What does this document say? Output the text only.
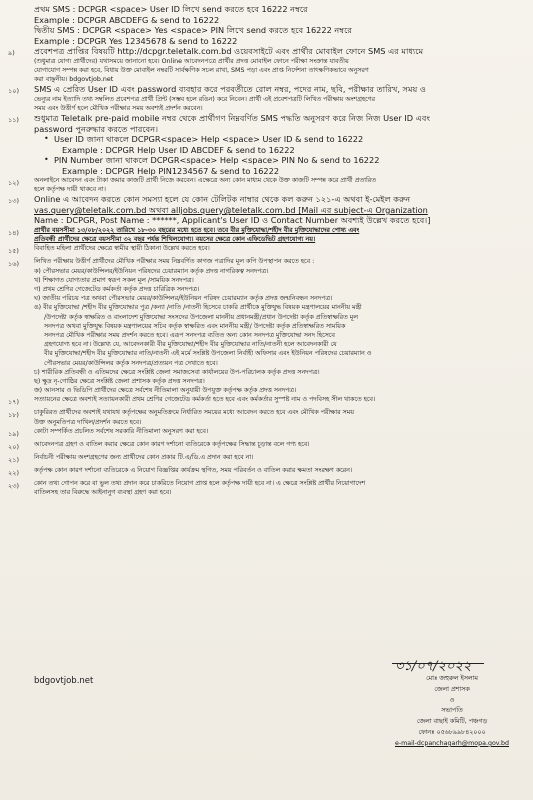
প্রথম SMS : DCPGR <space> User ID লিখে send করতে হবে 16222 নম্বরে

Example : DCPGR ABCDEFG & send to 16222

দ্বিতীয় SMS : DCPGR <space> Yes <space> PIN লিখে send করতে হবে 16222 নম্বরে

Example : DCPGR Yes 12345678 & send to 16222

৯)	প্রবেশপত্র প্রাপ্তির বিষয়টি http://dcpgr.teletalk.com.bd ওয়েবসাইটে এবং প্রার্থীর মোবাইল ফোনে SMS এর মাধ্যমে

(শুধুমাত্র যোগ্য প্রার্থীদের) যথাসময়ে জানানো হবে। Online আবেদনপত্রে প্রার্থীর প্রদত্ত মোবাইল ফোনে পরীক্ষা সংক্রান্ত যাবতীয়

যোগাযোগ সম্পন্ন করা হবে, বিধায় উক্ত মোবাইল নম্বরটি সার্বক্ষণিক সচল রাখা, SMS পড়া এবং প্রাপ্ত নির্দেশনা তাৎক্ষণিকভাবে অনুসরণ

করা বাঞ্ছনীয়। bdgovtjob.net

১০)	SMS এ প্রেরিত User ID এবং password ব্যবহার করে পরবর্তীতে রোল নম্বর, পদের নাম, ছবি, পরীক্ষার তারিখ, সময় ও

ভেন্যুর নাম ইত্যাদি তথ্য সম্বলিত প্রবেশপত্র প্রার্থী প্রিন্ট (সম্ভব হলে রঙিন) করে নিবেন। প্রার্থী এই প্রবেশপত্রটি লিখিত পরীক্ষায় অংশগ্রহণের

সময় এবং উত্তীর্ণ হলে মৌখিক পরীক্ষার সময় অবশ্যই প্রদর্শন করবেন।

১১)	শুধুমাত্র Teletalk pre-paid mobile নম্বর থেকে প্রার্থীগণ নিম্নবর্ণিত SMS পদ্ধতি অনুসরণ করে নিজ নিজ User ID এবং

password পুনরুদ্ধার করতে পারবেন।

• User ID জানা থাকলে DCPGR<space> Help <space> User ID & send to 16222

Example : DCPGR Help User ID ABCDEF & send to 16222

• PIN Number জানা থাকলে DCPGR<space> Help <space> PIN No & send to 16222

Example : DCPGR Help PIN1234567 & send to 16222

১২)	অনলাইনে আবেদন এবং টাকা জমার কাজটি প্রার্থী নিজে করবেন। এক্ষেত্রে অন্য কোন মাধ্যম থেকে উক্ত কাজটি সম্পন্ন করে প্রার্থী প্রতারিত

হলে কর্তৃপক্ষ দায়ী থাকবে না।

১৩)	Online এ আবেদন করতে কোন সমস্যা হলে যে কোন টেলিটক নাম্বার থেকে কল করুন ১২১-এ অথবা ই-মেইল করুন

vas.query@teletalk.com.bd অথবা alljobs.query@teletalk.com.bd [Mail এর subject-এ Organization

Name : DCPGR, Post Name : ******, Applicant's User ID ও Contact Number অবশ্যই উল্লেখ করতে হবে।]

১৪)	প্রার্থীর বয়সসীমা ১৩/০৮/২০২২ তারিখে ১৮-৩০ বছরের মধ্যে হতে হবে। তবে বীর মুক্তিযোদ্ধা/শহীদ বীর মুক্তিযোদ্ধাদের পোষ্য এবং

প্রতিবন্ধী প্রার্থীদের ক্ষেত্রে বয়সসীমা ৩২ বছর পর্যন্ত শিথিলযোগ্য। বয়সের ক্ষেত্রে কোন এফিডেভিট গ্রহণযোগ্য নয়।

১৫)	বিবাহিত মহিলা প্রার্থীদের ক্ষেত্রে স্বামীর স্থায়ী ঠিকানা উল্লেখ করতে হবে।

১৬)	লিখিত পরীক্ষায় উত্তীর্ণ প্রার্থীদের মৌখিক পরীক্ষার সময় নিম্নবর্ণিত কাগজ পত্রাদির মূল কপি উপস্থাপন করতে হবে :

ক) পৌরসভার মেয়র/কাউন্সিলর/ইউনিয়ন পরিষদের চেয়ারম্যান কর্তৃক প্রদত্ত নাগরিকত্ব সনদপত্র।

খ) শিক্ষাগত যোগ্যতার প্রমাণ স্বরূপ সকল মূল /সাময়িক সনদপত্র।

গ) প্রথম শ্রেণির গেজেটেড কর্মকর্তা কর্তৃক প্রদত্ত চারিত্রিক সনদপত্র।

ঘ) জাতীয় পরিচয় পত্র অথবা পৌরসভার মেয়র/কাউন্সিলর/ইউনিয়ন পরিষদ চেয়ারম্যান কর্তৃক প্রদত্ত জন্মনিবন্ধন সনদপত্র।

ঙ) বীর মুক্তিযোদ্ধা /শহীদ বীর মুক্তিযোদ্ধার পুত্র /কন্যা /নাতি /নাতনী হিসেবে চাকরি প্রার্থীকে মুক্তিযুদ্ধ বিষয়ক মন্ত্রণালয়ের মাননীয় মন্ত্রী

/উপদেষ্টা কর্তৃক স্বাক্ষরিত ও বাংলাদেশ মুক্তিযোদ্ধা সংসদের উপজেলা মাননীয় প্রধানমন্ত্রী/প্রধান উপদেষ্টা কর্তৃক প্রতিস্বাক্ষরিত মূল

সনদপত্র অথবা মুক্তিযুদ্ধ বিষয়ক মন্ত্রণালয়ের সচিব কর্তৃক স্বাক্ষরিত এবং মাননীয় মন্ত্রী/ উপদেষ্টা কর্তৃক প্রতিস্বাক্ষরিত সাময়িক

সনদপত্র মৌখিক পরীক্ষার সময় প্রদর্শন করতে হবে। এরূপ সনদপত্র ব্যতিত অন্য কোন সনদপত্র মুক্তিযোদ্ধা সনদ হিসেবে

গ্রহণযোগ্য হবে না। উল্লেখ্য যে, আবেদনকারী বীর মুক্তিযোদ্ধা/শহীদ বীর মুক্তিযোদ্ধার নাতি/নাতনী হলে আবেদনকারী যে

বীর মুক্তিযোদ্ধা/শহীদ বীর মুক্তিযোদ্ধার নাতি/নাতনী এই মর্মে সংশ্লিষ্ট উপজেলা নির্বাহী অফিসার এবং ইউনিয়ন পরিষদের চেয়ারম্যান ও

পৌরসভার মেয়র/কাউন্সিলর কর্তৃক সনদপত্র/প্রত্যয়ন পত্র দেখাতে হবে।

চ) শারীরিক প্রতিবন্ধী ও এতিমদের ক্ষেত্রে সংশ্লিষ্ট জেলা সমাজসেবা কার্যালয়ের উপ-পরিচালক কর্তৃক প্রদত্ত সনদপত্র।

ছ) ক্ষুদ্র নৃ-গোষ্ঠির ক্ষেত্রে সংশ্লিষ্ট জেলা প্রশাসক কর্তৃক প্রদত্ত সনদপত্র।

জ) আনসার ও ভিডিপি প্রার্থীদের ক্ষেত্রে সর্বশেষ নীতিমালা অনুযায়ী উপযুক্ত কর্তৃপক্ষ কর্তৃক প্রদত্ত সনদপত্র।

১৭)	সত্যায়নের ক্ষেত্রে অবশ্যই সত্যায়নকারী প্রথম শ্রেণির গেজেটেড কর্মকর্তা হতে হবে এবং কর্মকর্তার সুস্পষ্ট নাম ও পদবিসহ সীল থাকতে হবে।

১৮)	চাকুরিরত প্রার্থীদের অবশ্যই যথাযথ কর্তৃপক্ষের অনুমতিক্রমে নির্ধারিত সময়ের মধ্যে আবেদন করতে হবে এবং মৌখিক পরীক্ষার সময়

উক্ত অনুমতিপত্র দাখিল/প্রদর্শন করতে হবে।

১৯)	কোটা সম্পর্কিত প্রচলিত সর্বশেষ সরকারি নীতিমালা অনুসরণ করা হবে।

২০)	আবেদনপত্র গ্রহণ ও বাতিল করার ক্ষেত্রে কোন কারণ দর্শানো ব্যতিরেকে কর্তৃপক্ষের সিদ্ধান্ত চূড়ান্ত বলে গণ্য হবে।

২১)	নির্বাচনী পরীক্ষায় অংশগ্রহণের জন্য প্রার্থীদের কোন প্রকার টি.এ/ডি.এ প্রদান করা হবে না।

২২)	কর্তৃপক্ষ কোন কারণ দর্শানো ব্যতিরেকে এ নিয়োগ বিজ্ঞপ্তির কার্যক্রম স্থগিত, সময় পরিবর্তন ও বাতিল করার ক্ষমতা সংরক্ষণ করেন।

২৩)	কোন তথ্য গোপন করে বা ভুল তথ্য প্রদান করে চাকরিতে নিয়োগ প্রাপ্ত হলে কর্তৃপক্ষ দায়ী হবে না। এ ক্ষেত্রে সংশ্লিষ্ট প্রার্থীর নিয়োগাদেশ

বাতিলসহ তার বিরুদ্ধে আইনানুগ ব্যবস্থা গ্রহণ করা হবে।

bdgovtjob.net
৩১/০৭/২০২২

মোঃ জহুরুল ইসলাম

জেলা প্রশাসক

ও

সভাপতি

জেলা বাছাই কমিটি, পঞ্চগড়

ফোনঃ ০৫৬৮৯৯৮৪২০০০

e-mail-dcpanchagarh@mopa.gov.bd
